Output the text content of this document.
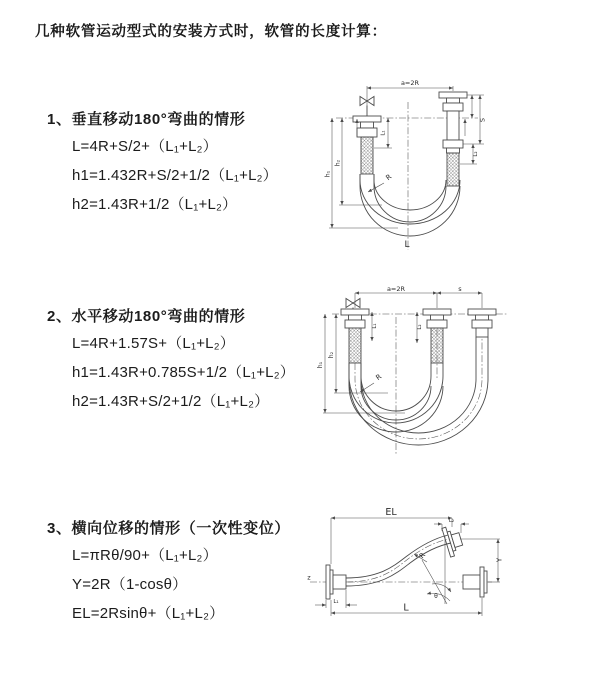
几种软管运动型式的安装方式时，软管的长度计算：
1、垂直移动180°弯曲的情形
L=4R+S/2+（L₁+L₂）
h1=1.432R+S/2+1/2（L₁+L₂）
h2=1.43R+1/2（L₁+L₂）
2、水平移动180°弯曲的情形
L=4R+1.57S+（L₁+L₂）
h1=1.43R+0.785S+1/2（L₁+L₂）
h2=1.43R+S/2+1/2（L₁+L₂）
3、横向位移的情形（一次性变位）
L=πRθ/90+（L₁+L₂）
Y=2R（1-cosθ）
EL=2Rsinθ+（L₁+L₂）
a=2R
h₁
h₂
L₁
S
L₂
R
L
a=2R	s
L₁	L₂
h₁
h₂
R
z
L₁
EL
L₂
Y
θ
R
L
